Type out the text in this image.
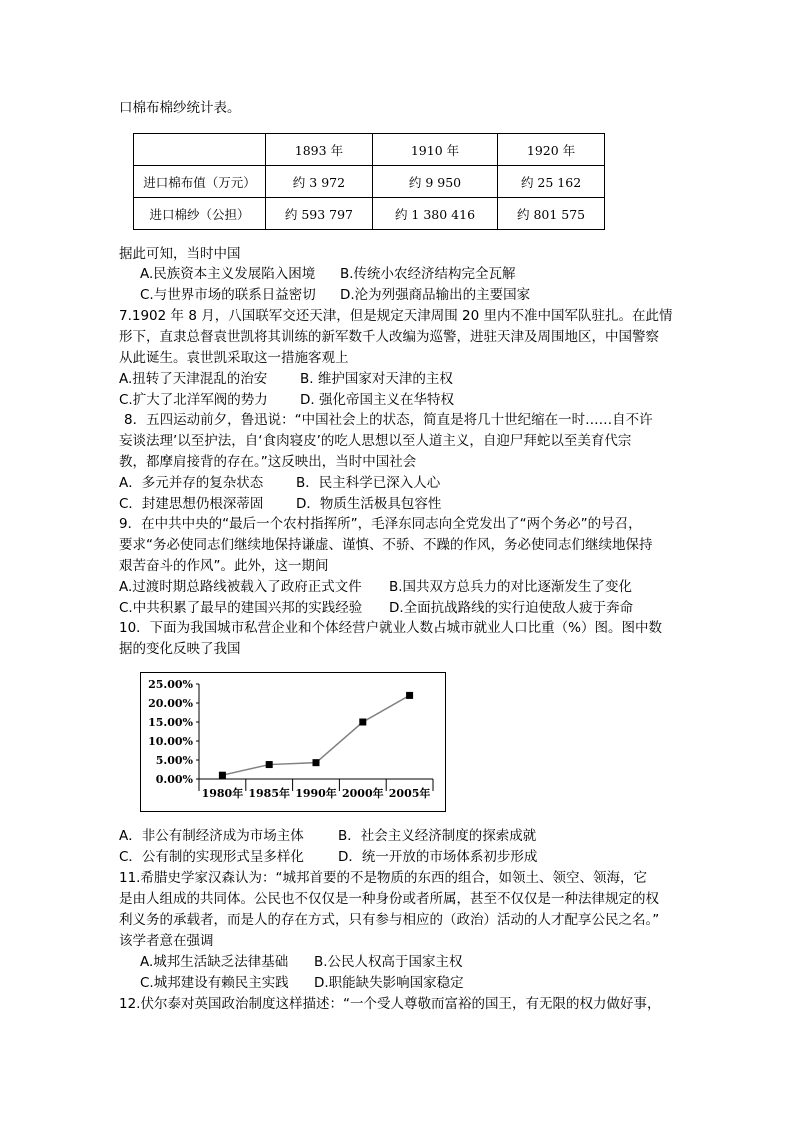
口棉布棉纱统计表。
	1893 年	1910 年	1920 年
进口棉布值（万元）	约 3 972	约 9 950	约 25 162
进口棉纱（公担）	约 593 797	约 1 380 416	约 801 575
据此可知，当时中国
A.民族资本主义发展陷入困境 B.传统小农经济结构完全瓦解
C.与世界市场的联系日益密切 D.沦为列强商品输出的主要国家
7.1902 年 8 月，八国联军交还天津，但是规定天津周围 20 里内不准中国军队驻扎。在此情
形下，直隶总督袁世凯将其训练的新军数千人改编为巡警，进驻天津及周围地区，中国警察
从此诞生。袁世凯采取这一措施客观上
A.扭转了天津混乱的治安 B. 维护国家对天津的主权
C.扩大了北洋军阀的势力 D. 强化帝国主义在华特权
8．五四运动前夕，鲁迅说：“中国社会上的状态，简直是将几十世纪缩在一时……自不许
妄谈法理’以至护法，自‘食肉寝皮’的吃人思想以至人道主义，自迎尸拜蛇以至美育代宗
教，都摩肩接背的存在。”这反映出，当时中国社会
A．多元并存的复杂状态 B．民主科学已深入人心
C．封建思想仍根深蒂固 D．物质生活极具包容性
9．在中共中央的“最后一个农村指挥所”，毛泽东同志向全党发出了“两个务必”的号召，
要求“务必使同志们继续地保持谦虚、谨慎、不骄、不躁的作风，务必使同志们继续地保持
艰苦奋斗的作风”。此外，这一期间
A.过渡时期总路线被载入了政府正式文件 B.国共双方总兵力的对比逐渐发生了变化
C.中共积累了最早的建国兴邦的实践经验 D.全面抗战路线的实行迫使敌人疲于奔命
10．下面为我国城市私营企业和个体经营户就业人数占城市就业人口比重（%）图。图中数
据的变化反映了我国
25.00%
20.00%
15.00%
10.00%
5.00%
0.00%
1980年 1985年 1990年 2000年 2005年
A．非公有制经济成为市场主体	B．社会主义经济制度的探索成就
C．公有制的实现形式呈多样化	D．统一开放的市场体系初步形成
11.希腊史学家汉森认为：“城邦首要的不是物质的东西的组合，如领土、领空、领海，它
是由人组成的共同体。公民也不仅仅是一种身份或者所属，甚至不仅仅是一种法律规定的权
利义务的承载者，而是人的存在方式，只有参与相应的（政治）活动的人才配享公民之名。”
该学者意在强调
A.城邦生活缺乏法律基础 B.公民人权高于国家主权
C.城邦建设有赖民主实践 D.职能缺失影响国家稳定
12.伏尔泰对英国政治制度这样描述：“一个受人尊敬而富裕的国王，有无限的权力做好事，
